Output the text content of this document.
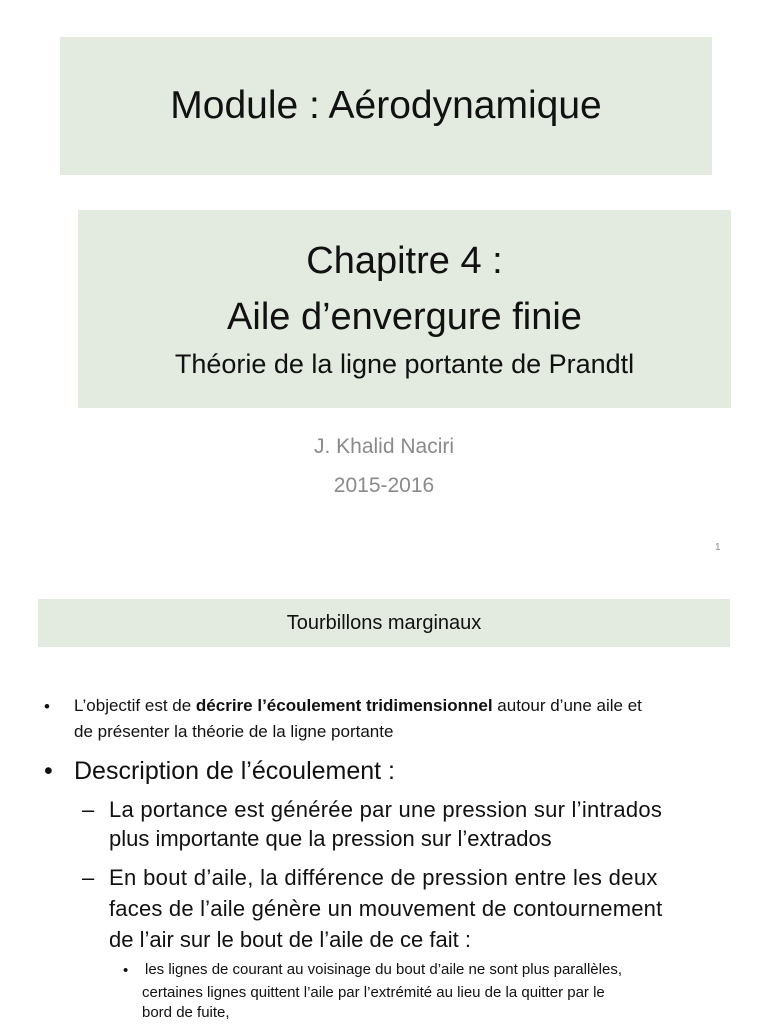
Module : Aérodynamique
Chapitre 4 :
Aile d’envergure finie
Théorie de la ligne portante de Prandtl
J. Khalid Naciri
2015-2016
1
Tourbillons marginaux
• L’objectif est de décrire l’écoulement tridimensionnel autour d’une aile et
de présenter la théorie de la ligne portante
• Description de l’écoulement :
– La portance est générée par une pression sur l’intrados
plus importante que la pression sur l’extrados
– En bout d’aile, la différence de pression entre les deux
faces de l’aile génère un mouvement de contournement
de l’air sur le bout de l’aile de ce fait :
• les lignes de courant au voisinage du bout d’aile ne sont plus parallèles,
certaines lignes quittent l’aile par l’extrémité au lieu de la quitter par le
bord de fuite,
